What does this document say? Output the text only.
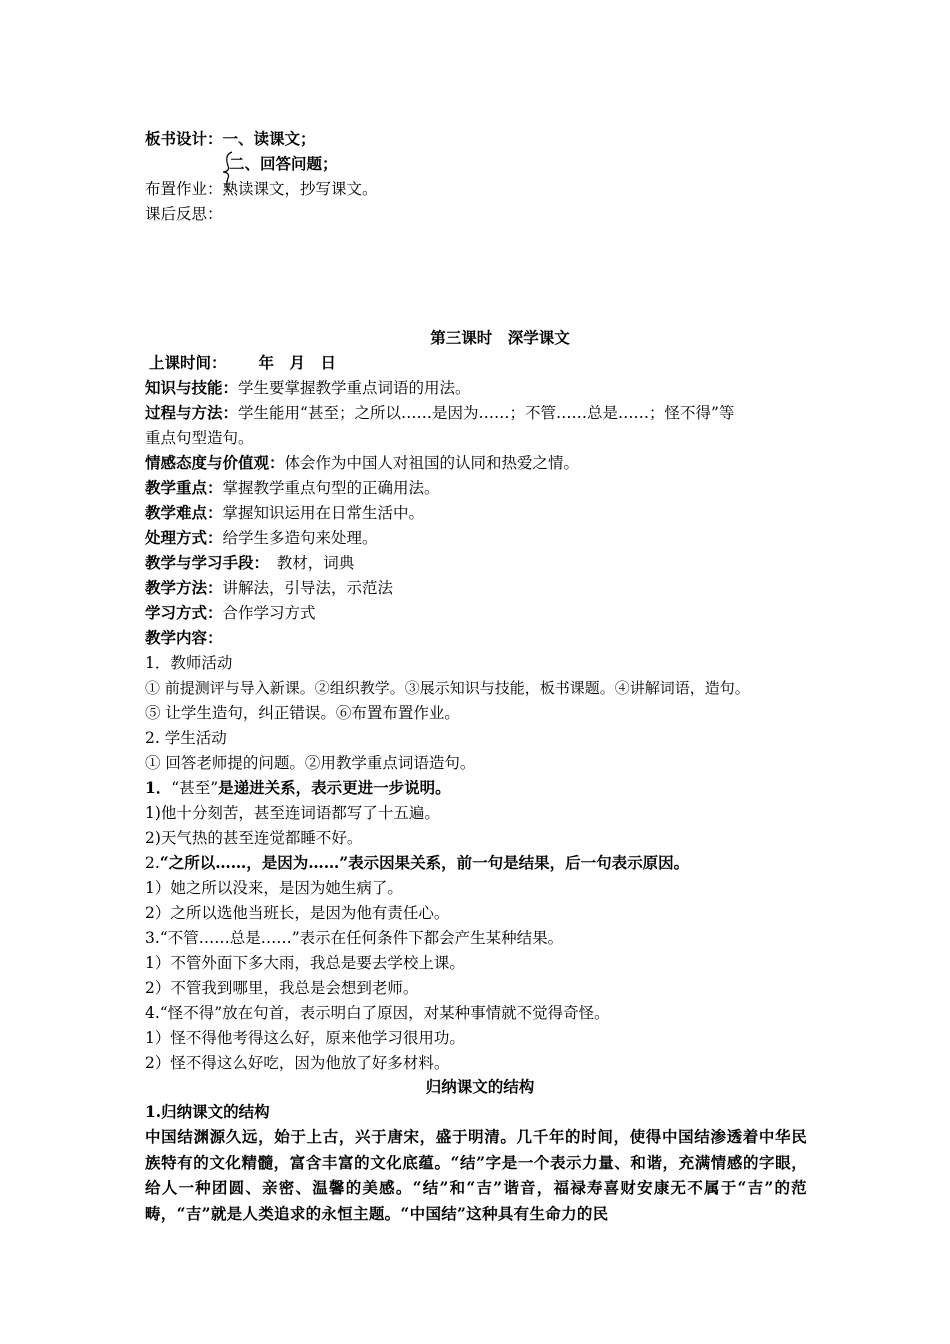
板书设计：一、读课文；
二、回答问题；
布置作业：熟读课文，抄写课文。
课后反思：
第三课时　深学课文
上课时间： 年　月　日
知识与技能：学生要掌握教学重点词语的用法。
过程与方法：学生能用“甚至；之所以……是因为……；不管……总是……；怪不得”等
重点句型造句。
情感态度与价值观：体会作为中国人对祖国的认同和热爱之情。
教学重点：掌握教学重点句型的正确用法。
教学难点：掌握知识运用在日常生活中。
处理方式：给学生多造句来处理。
教学与学习手段：　教材，词典
教学方法：讲解法，引导法，示范法
学习方式：合作学习方式
教学内容：
1．教师活动
① 前提测评与导入新课。②组织教学。③展示知识与技能，板书课题。④讲解词语，造句。
⑤ 让学生造句，纠正错误。⑥布置布置作业。
2. 学生活动
① 回答老师提的问题。②用教学重点词语造句。
1．“甚至”是递进关系，表示更进一步说明。
1)他十分刻苦，甚至连词语都写了十五遍。
2)天气热的甚至连觉都睡不好。
2.“之所以……，是因为……”表示因果关系，前一句是结果，后一句表示原因。
1）她之所以没来，是因为她生病了。
2）之所以选他当班长，是因为他有责任心。
3.“不管……总是……”表示在任何条件下都会产生某种结果。
1）不管外面下多大雨，我总是要去学校上课。
2）不管我到哪里，我总是会想到老师。
4.“怪不得”放在句首，表示明白了原因，对某种事情就不觉得奇怪。
1）怪不得他考得这么好，原来他学习很用功。
2）怪不得这么好吃，因为他放了好多材料。
归纳课文的结构
1.归纳课文的结构
中国结渊源久远，始于上古，兴于唐宋，盛于明清。几千年的时间，使得中国结渗透着中华民族特有的文化精髓，富含丰富的文化底蕴。“结”字是一个表示力量、和谐，充满情感的字眼，给人一种团圆、亲密、温馨的美感。“结”和“吉”谐音，福禄寿喜财安康无不属于“吉”的范畴，“吉”就是人类追求的永恒主题。“中国结”这种具有生命力的民
